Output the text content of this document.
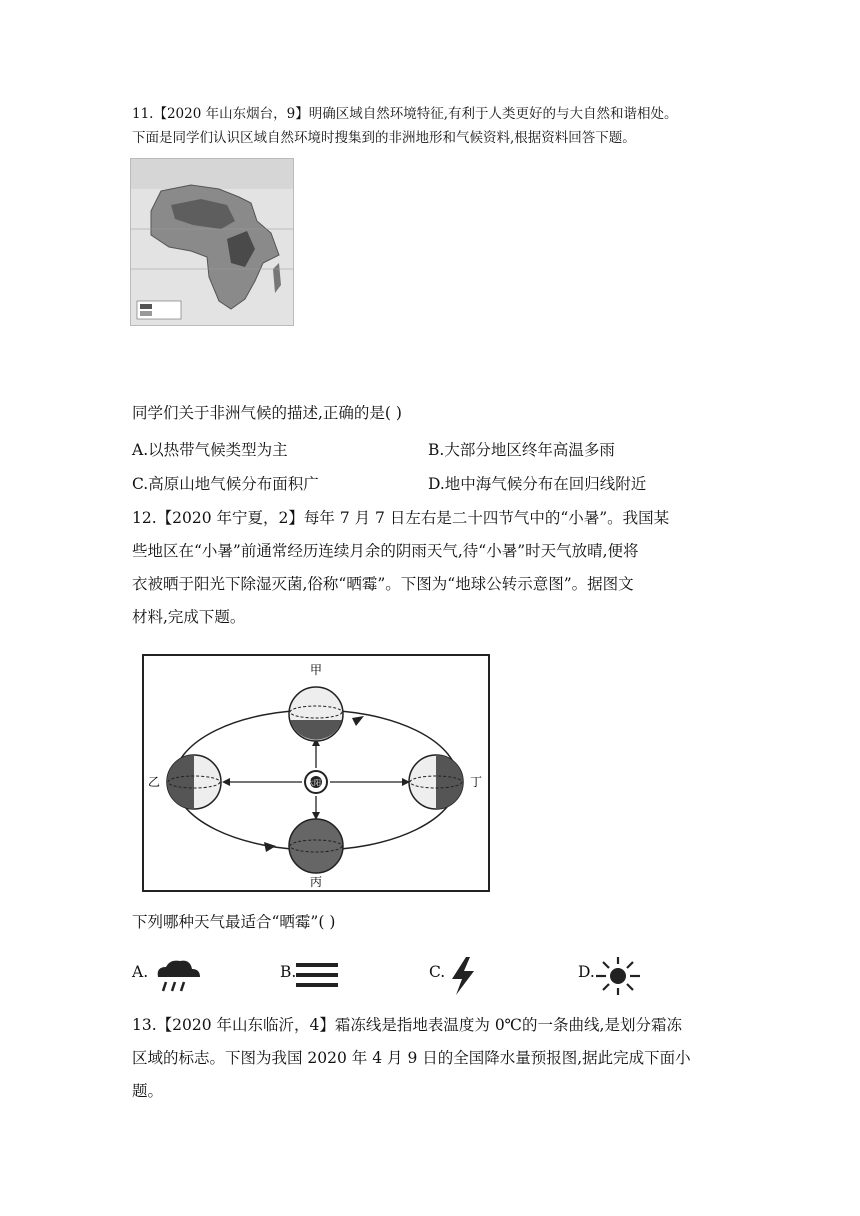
11.【2020 年山东烟台，9】明确区域自然环境特征,有利于人类更好的与大自然和谐相处。
下面是同学们认识区域自然环境时搜集到的非洲地形和气候资料,根据资料回答下题。
同学们关于非洲气候的描述,正确的是( )
A.以热带气候类型为主	B.大部分地区终年高温多雨
C.高原山地气候分布面积广	D.地中海气候分布在回归线附近
12.【2020 年宁夏，2】每年 7 月 7 日左右是二十四节气中的“小暑”。我国某
些地区在“小暑”前通常经历连续月余的阴雨天气,待“小暑”时天气放晴,便将
衣被晒于阳光下除湿灭菌,俗称“晒霉”。下图为“地球公转示意图”。据图文
材料,完成下题。
甲
乙
丙
丁
太阳
下列哪种天气最适合“晒霉”( )
A.	B.	C.	D.
13.【2020 年山东临沂，4】霜冻线是指地表温度为 0℃的一条曲线,是划分霜冻
区域的标志。下图为我国 2020 年 4 月 9 日的全国降水量预报图,据此完成下面小
题。
